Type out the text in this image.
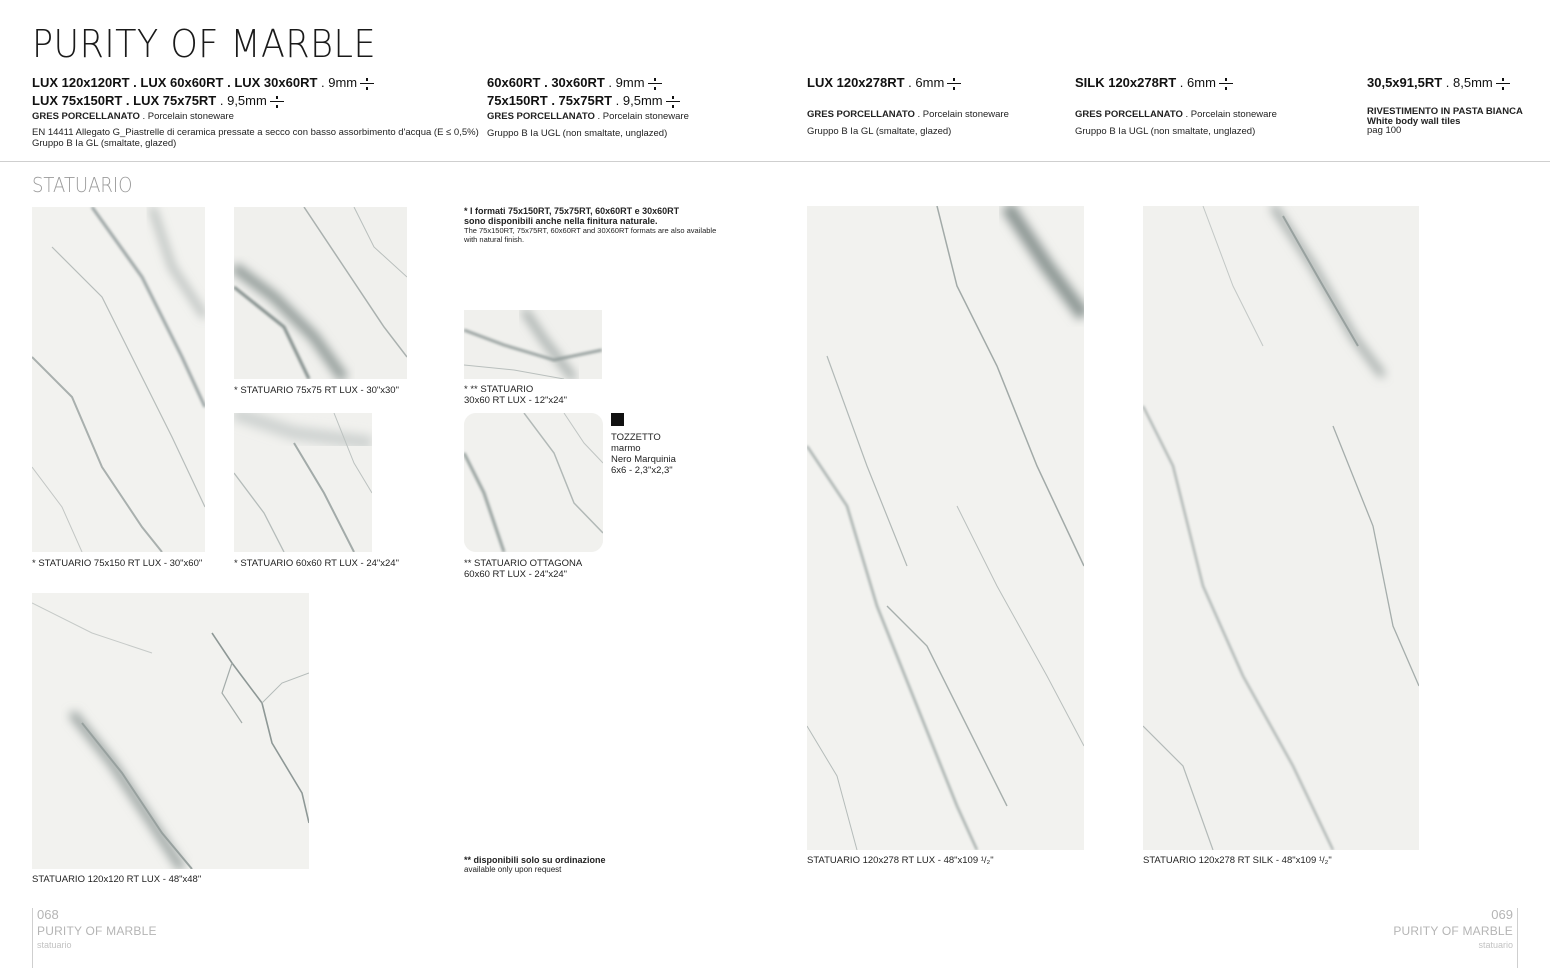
PURITY OF MARBLE
LUX 120x120RT . LUX 60x60RT . LUX 30x60RT . 9mm
LUX 75x150RT . LUX 75x75RT . 9,5mm
GRES PORCELLANATO . Porcelain stoneware
EN 14411 Allegato G_Piastrelle di ceramica pressate a secco con basso assorbimento d'acqua (E ≤ 0,5%)
Gruppo B Ia GL (smaltate, glazed)
60x60RT . 30x60RT . 9mm
75x150RT . 75x75RT . 9,5mm
GRES PORCELLANATO . Porcelain stoneware
Gruppo B Ia UGL (non smaltate, unglazed)
LUX 120x278RT . 6mm
GRES PORCELLANATO . Porcelain stoneware
Gruppo B Ia GL (smaltate, glazed)
SILK 120x278RT . 6mm
GRES PORCELLANATO . Porcelain stoneware
Gruppo B Ia UGL (non smaltate, unglazed)
30,5x91,5RT . 8,5mm
RIVESTIMENTO IN PASTA BIANCA
White body wall tiles
pag 100
STATUARIO
* STATUARIO 75x75 RT LUX - 30"x30"
* STATUARIO 75x150 RT LUX - 30"x60"	* STATUARIO 60x60 RT LUX - 24"x24"
* I formati 75x150RT, 75x75RT, 60x60RT e 30x60RT
sono disponibili anche nella finitura naturale.
The 75x150RT, 75x75RT, 60x60RT and 30X60RT formats are also available
with natural finish.
* ** STATUARIO
30x60 RT LUX - 12"x24"
TOZZETTO
marmo
Nero Marquinia
6x6 - 2,3"x2,3"
** STATUARIO OTTAGONA
60x60 RT LUX - 24"x24"
STATUARIO 120x120 RT LUX - 48"x48"
** disponibili solo su ordinazione
available only upon request
STATUARIO 120x278 RT LUX - 48"x109 ¹/₂"	STATUARIO 120x278 RT SILK - 48"x109 ¹/₂"
068
PURITY OF MARBLE
statuario
069
PURITY OF MARBLE
statuario
